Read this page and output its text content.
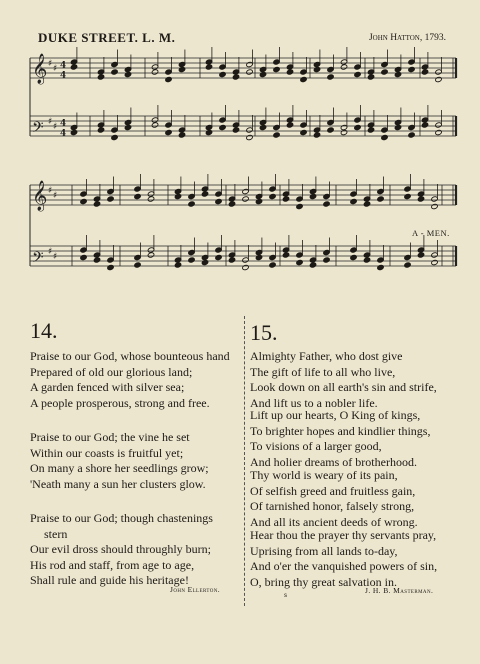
DUKE STREET. L. M.	John Hatton, 1793.
𝄞 ♯ ♯ 4
4
𝄢 ♯ ♯ 4
4
𝄞 ♯ ♯
𝄢 ♯ ♯
A - MEN.
14.
Praise to our God, whose bounteous hand
Prepared of old our glorious land;
A garden fenced with silver sea;
A people prosperous, strong and free.
Praise to our God; the vine he set
Within our coasts is fruitful yet;
On many a shore her seedlings grow;
'Neath many a sun her clusters glow.
Praise to our God; though chastenings
stern
Our evil dross should throughly burn;
His rod and staff, from age to age,
Shall rule and guide his heritage!
John Ellerton.
15.
Almighty Father, who dost give
The gift of life to all who live,
Look down on all earth's sin and strife,
And lift us to a nobler life.
Lift up our hearts, O King of kings,
To brighter hopes and kindlier things,
To visions of a larger good,
And holier dreams of brotherhood.
Thy world is weary of its pain,
Of selfish greed and fruitless gain,
Of tarnished honor, falsely strong,
And all its ancient deeds of wrong.
Hear thou the prayer thy servants pray,
Uprising from all lands to-day,
And o'er the vanquished powers of sin,
O, bring thy great salvation in.
J. H. B. Masterman.
s
